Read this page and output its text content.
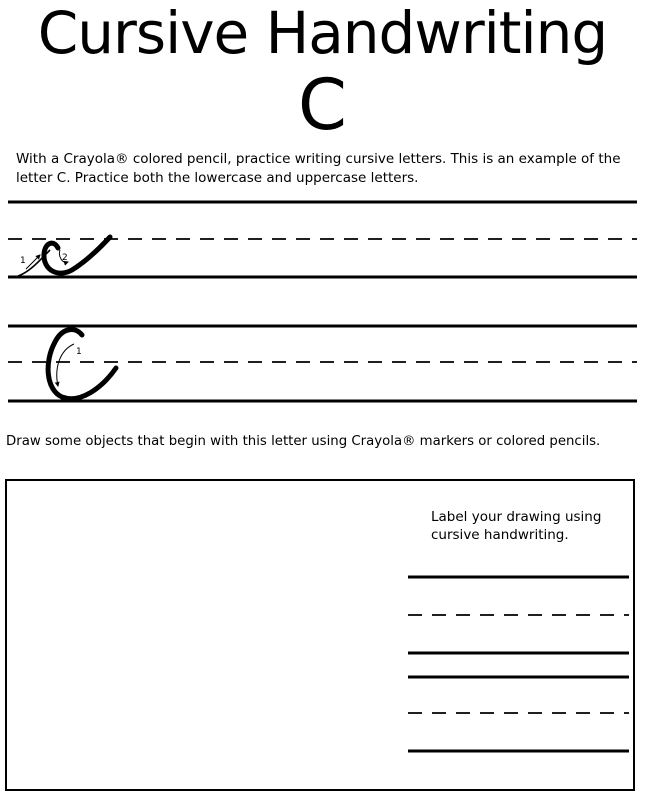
Cursive Handwriting
C

With a Crayola® colored pencil, practice writing cursive letters. This is an example of the letter C. Practice both the lowercase and uppercase letters.

1	2
1

Draw some objects that begin with this letter using Crayola® markers or colored pencils.

Label your drawing using cursive handwriting.
